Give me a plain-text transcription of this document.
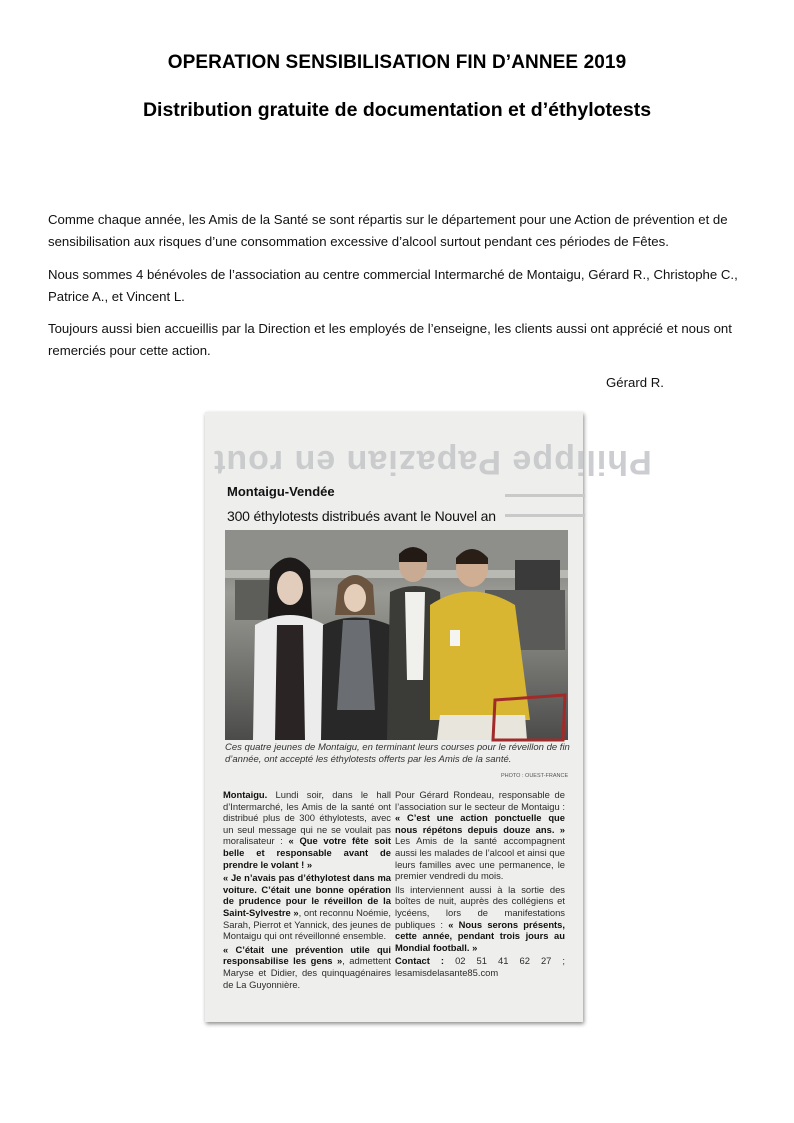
OPERATION SENSIBILISATION FIN D’ANNEE 2019
Distribution gratuite de documentation et d’éthylotests
Comme chaque année, les Amis de la Santé se sont répartis sur le département pour une Action de prévention et de sensibilisation aux risques d’une consommation excessive d’alcool surtout pendant ces périodes de Fêtes.
Nous sommes 4 bénévoles de l’association au centre commercial Intermarché de Montaigu, Gérard R., Christophe C., Patrice A., et Vincent L.
Toujours aussi bien accueillis par la Direction et les employés de l’enseigne, les clients aussi ont apprécié et nous ont remerciés pour cette action.
Gérard R.
Philippe Papazian en rout
Montaigu-Vendée
300 éthylotests distribués avant le Nouvel an
Ces quatre jeunes de Montaigu, en terminant leurs courses pour le réveillon de fin d’année, ont accepté les éthylotests offerts par les Amis de la santé.
PHOTO : OUEST-FRANCE

Montaigu. Lundi soir, dans le hall d’Intermarché, les Amis de la santé ont distribué plus de 300 éthylotests, avec un seul message qui ne se voulait pas moralisateur : « Que votre fête soit belle et responsable avant de prendre le volant ! »

« Je n’avais pas d’éthylotest dans ma voiture. C’était une bonne opération de prudence pour le réveillon de la Saint-Sylvestre », ont reconnu Noémie, Sarah, Pierrot et Yannick, des jeunes de Montaigu qui ont réveillonné ensemble.

« C’était une prévention utile qui responsabilise les gens », admettent Maryse et Didier, des quinquagénaires de La Guyonnière.

Pour Gérard Rondeau, responsable de l’association sur le secteur de Montaigu : « C’est une action ponctuelle que nous répétons depuis douze ans. » Les Amis de la santé accompagnent aussi les malades de l’alcool et ainsi que leurs familles avec une permanence, le premier vendredi du mois.

Ils interviennent aussi à la sortie des boîtes de nuit, auprès des collégiens et lycéens, lors de manifestations publiques : « Nous serons présents, cette année, pendant trois jours au Mondial football. »

Contact : 02 51 41 62 27 ; lesamisdelasante85.com
